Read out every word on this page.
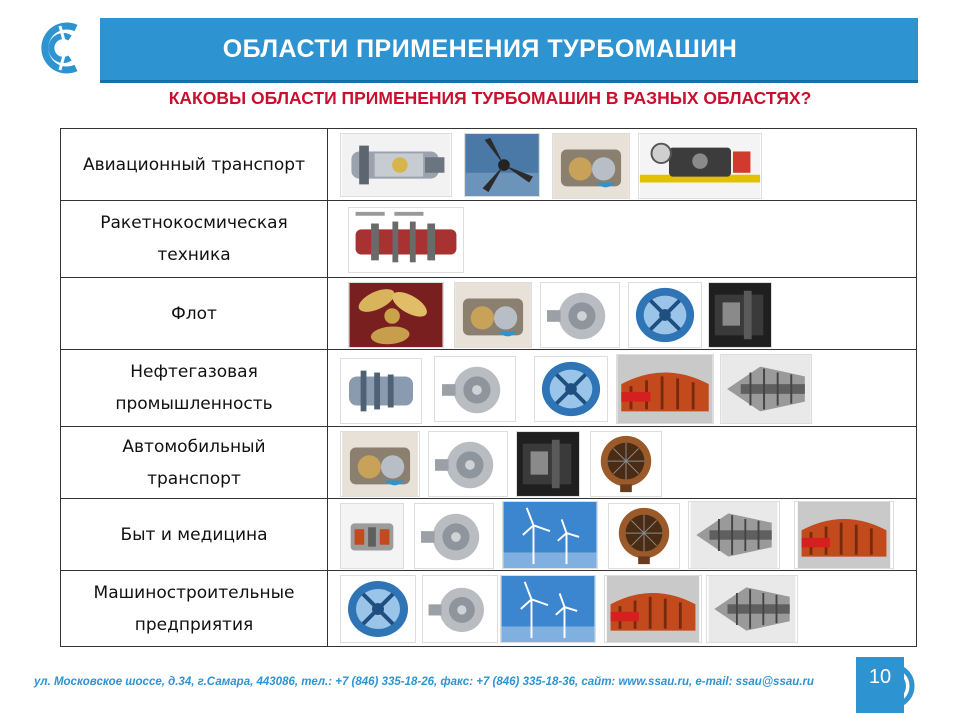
ОБЛАСТИ ПРИМЕНЕНИЯ ТУРБОМАШИН
КАКОВЫ ОБЛАСТИ ПРИМЕНЕНИЯ ТУРБОМАШИН В РАЗНЫХ ОБЛАСТЯХ?
Авиационный транспорт
Ракетнокосмическая техника
Флот
Нефтегазовая промышленность
Автомобильный транспорт
Быт и медицина
Машиностроительные предприятия
ул. Московское шоссе, д.34, г.Самара, 443086, тел.: +7 (846) 335-18-26, факс: +7 (846) 335-18-36, сайт: www.ssau.ru, e-mail: ssau@ssau.ru	10
